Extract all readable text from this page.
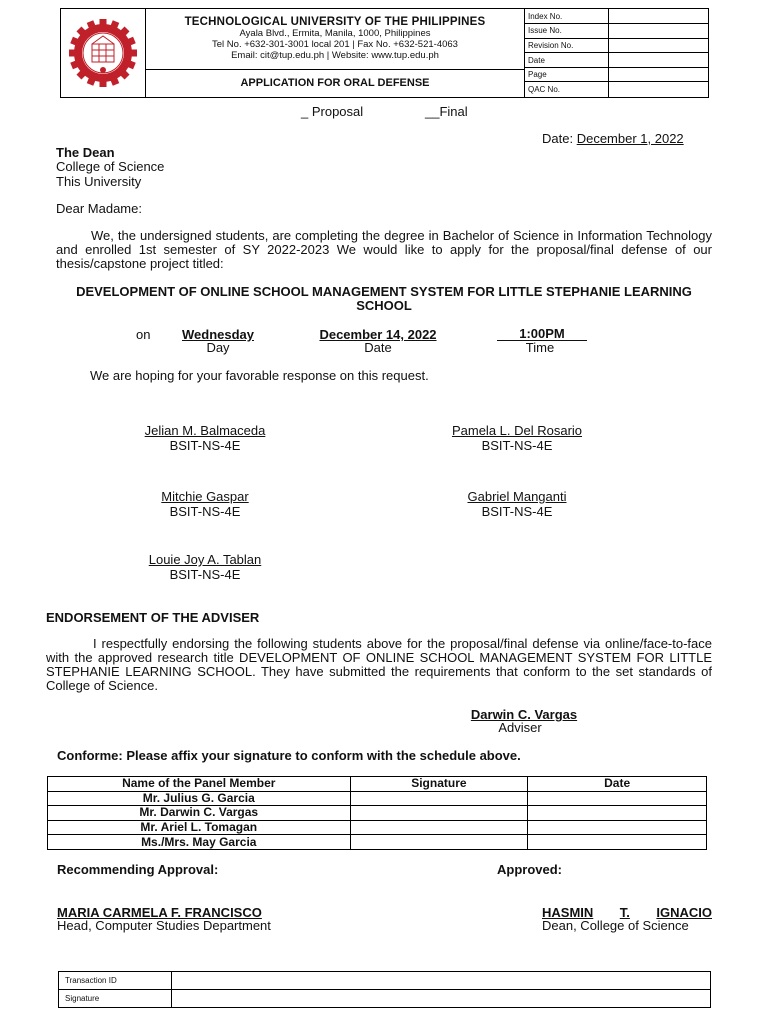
TECHNOLOGICAL UNIVERSITY OF THE PHILIPPINES
Ayala Blvd., Ermita, Manila, 1000, Philippines
Tel No. +632-301-3001 local 201 | Fax No. +632-521-4063
Email: cit@tup.edu.ph | Website: www.tup.edu.ph

Index No.	
Issue No.	
Revision No.	
Date	
Page	
QAC No.	

APPLICATION FOR ORAL DEFENSE
_ Proposal	__Final
Date: December 1, 2022
The Dean
College of Science
This University
Dear Madame:
We, the undersigned students, are completing the degree in Bachelor of Science in Information Technology and enrolled 1st semester of SY 2022-2023 We would like to apply for the proposal/final defense of our thesis/capstone project titled:
DEVELOPMENT OF ONLINE SCHOOL MANAGEMENT SYSTEM FOR LITTLE STEPHANIE LEARNING SCHOOL
on	Wednesday
Day
December 14, 2022
Date
1:00PM
Time
We are hoping for your favorable response on this request.
Jelian M. Balmaceda
BSIT-NS-4E
Pamela L. Del Rosario
BSIT-NS-4E
Mitchie Gaspar
BSIT-NS-4E
Gabriel Manganti
BSIT-NS-4E
Louie Joy A. Tablan
BSIT-NS-4E
ENDORSEMENT OF THE ADVISER
I respectfully endorsing the following students above for the proposal/final defense via online/face-to-face with the approved research title DEVELOPMENT OF ONLINE SCHOOL MANAGEMENT SYSTEM FOR LITTLE STEPHANIE LEARNING SCHOOL. They have submitted the requirements that conform to the set standards of College of Science.
Darwin C. Vargas
Adviser
Conforme: Please affix your signature to conform with the schedule above.
Name of the Panel Member	Signature	Date
Mr. Julius G. Garcia		
Mr. Darwin C. Vargas		
Mr. Ariel L. Tomagan		
Ms./Mrs. May Garcia		
Recommending Approval:	Approved:
MARIA CARMELA F. FRANCISCO
Head, Computer Studies Department
HASMIN T. IGNACIO
Dean, College of Science
Transaction ID	
Signature	
